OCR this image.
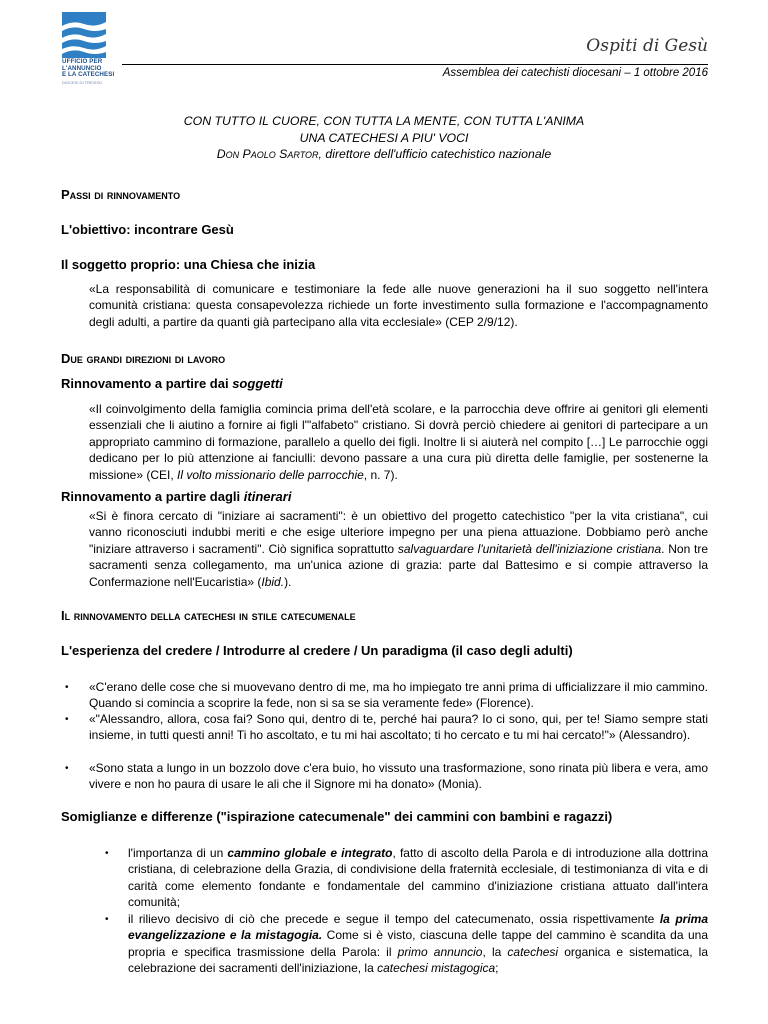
UFFICIO PER
L'ANNUNCIO
E LA CATECHESI
DIOCESI DI TREVISO
Ospiti di Gesù
Assemblea dei catechisti diocesani – 1 ottobre 2016
CON TUTTO IL CUORE, CON TUTTA LA MENTE, CON TUTTA L'ANIMA
UNA CATECHESI A PIU' VOCI
Don Paolo Sartor, direttore dell'ufficio catechistico nazionale
Passi di rinnovamento
L'obiettivo: incontrare Gesù
Il soggetto proprio: una Chiesa che inizia
«La responsabilità di comunicare e testimoniare la fede alle nuove generazioni ha il suo soggetto nell'intera comunità cristiana: questa consapevolezza richiede un forte investimento sulla formazione e l'accompagnamento degli adulti, a partire da quanti già partecipano alla vita ecclesiale» (CEP 2/9/12).
Due grandi direzioni di lavoro
Rinnovamento a partire dai soggetti
«Il coinvolgimento della famiglia comincia prima dell'età scolare, e la parrocchia deve offrire ai genitori gli elementi essenziali che li aiutino a fornire ai figli l'"alfabeto" cristiano. Si dovrà perciò chiedere ai genitori di partecipare a un appropriato cammino di formazione, parallelo a quello dei figli. Inoltre li si aiuterà nel compito […] Le parrocchie oggi dedicano per lo più attenzione ai fanciulli: devono passare a una cura più diretta delle famiglie, per sostenerne la missione» (CEI, Il volto missionario delle parrocchie, n. 7).
Rinnovamento a partire dagli itinerari
«Si è finora cercato di "iniziare ai sacramenti": è un obiettivo del progetto catechistico "per la vita cristiana", cui vanno riconosciuti indubbi meriti e che esige ulteriore impegno per una piena attuazione. Dobbiamo però anche "iniziare attraverso i sacramenti". Ciò significa soprattutto salvaguardare l'unitarietà dell'iniziazione cristiana. Non tre sacramenti senza collegamento, ma un'unica azione di grazia: parte dal Battesimo e si compie attraverso la Confermazione nell'Eucaristia» (Ibid.).
Il rinnovamento della catechesi in stile catecumenale
L'esperienza del credere / Introdurre al credere / Un paradigma (il caso degli adulti)
• «C'erano delle cose che si muovevano dentro di me, ma ho impiegato tre anni prima di ufficializzare il mio cammino. Quando si comincia a scoprire la fede, non si sa se sia veramente fede» (Florence).
• «"Alessandro, allora, cosa fai? Sono qui, dentro di te, perché hai paura? Io ci sono, qui, per te! Siamo sempre stati insieme, in tutti questi anni! Ti ho ascoltato, e tu mi hai ascoltato; ti ho cercato e tu mi hai cercato!"» (Alessandro).
• «Sono stata a lungo in un bozzolo dove c'era buio, ho vissuto una trasformazione, sono rinata più libera e vera, amo vivere e non ho paura di usare le ali che il Signore mi ha donato» (Monia).
Somiglianze e differenze ("ispirazione catecumenale" dei cammini con bambini e ragazzi)
• l'importanza di un cammino globale e integrato, fatto di ascolto della Parola e di introduzione alla dottrina cristiana, di celebrazione della Grazia, di condivisione della fraternità ecclesiale, di testimonianza di vita e di carità come elemento fondante e fondamentale del cammino d'iniziazione cristiana attuato dall'intera comunità;
• il rilievo decisivo di ciò che precede e segue il tempo del catecumenato, ossia rispettivamente la prima evangelizzazione e la mistagogia. Come si è visto, ciascuna delle tappe del cammino è scandita da una propria e specifica trasmissione della Parola: il primo annuncio, la catechesi organica e sistematica, la celebrazione dei sacramenti dell'iniziazione, la catechesi mistagogica;
